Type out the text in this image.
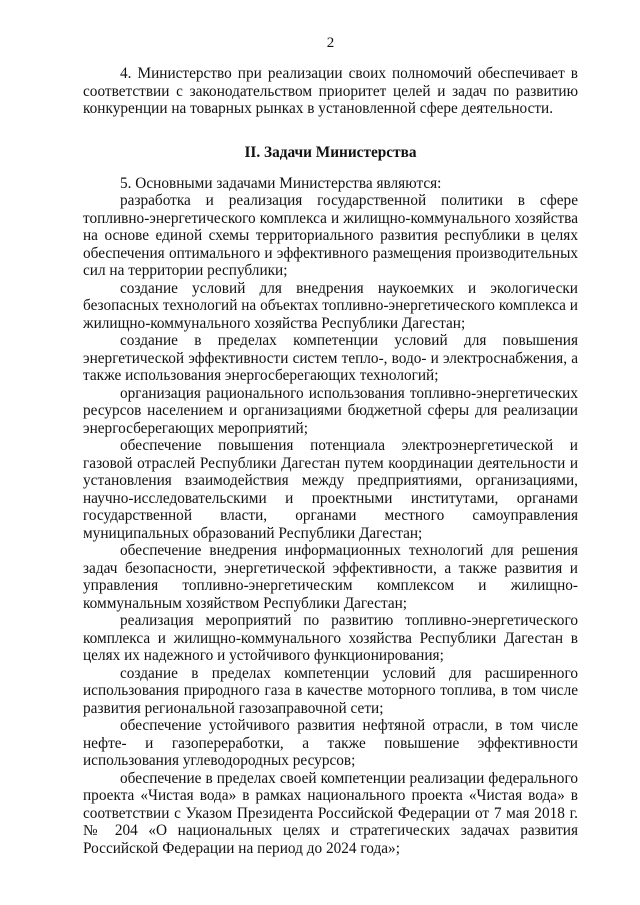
2

4. Министерство при реализации своих полномочий обеспечивает в соответствии с законодательством приоритет целей и задач по развитию конкуренции на товарных рынках в установленной сфере деятельности.

II. Задачи Министерства

5. Основными задачами Министерства являются:

разработка и реализация государственной политики в сфере топливно-энергетического комплекса и жилищно-коммунального хозяйства на основе единой схемы территориального развития республики в целях обеспечения оптимального и эффективного размещения производительных сил на территории республики;

создание условий для внедрения наукоемких и экологически безопасных технологий на объектах топливно-энергетического комплекса и жилищно-коммунального хозяйства Республики Дагестан;

создание в пределах компетенции условий для повышения энергетической эффективности систем тепло-, водо- и электроснабжения, а также использования энергосберегающих технологий;

организация рационального использования топливно-энергетических ресурсов населением и организациями бюджетной сферы для реализации энергосберегающих мероприятий;

обеспечение повышения потенциала электроэнергетической и газовой отраслей Республики Дагестан путем координации деятельности и установления взаимодействия между предприятиями, организациями, научно-исследовательскими и проектными институтами, органами государственной власти, органами местного самоуправления муниципальных образований Республики Дагестан;

обеспечение внедрения информационных технологий для решения задач безопасности, энергетической эффективности, а также развития и управления топливно-энергетическим комплексом и жилищно-коммунальным хозяйством Республики Дагестан;

реализация мероприятий по развитию топливно-энергетического комплекса и жилищно-коммунального хозяйства Республики Дагестан в целях их надежного и устойчивого функционирования;

создание в пределах компетенции условий для расширенного использования природного газа в качестве моторного топлива, в том числе развития региональной газозаправочной сети;

обеспечение устойчивого развития нефтяной отрасли, в том числе нефте- и газопереработки, а также повышение эффективности использования углеводородных ресурсов;

обеспечение в пределах своей компетенции реализации федерального проекта «Чистая вода» в рамках национального проекта «Чистая вода» в соответствии с Указом Президента Российской Федерации от 7 мая 2018 г. № 204 «О национальных целях и стратегических задачах развития Российской Федерации на период до 2024 года»;
